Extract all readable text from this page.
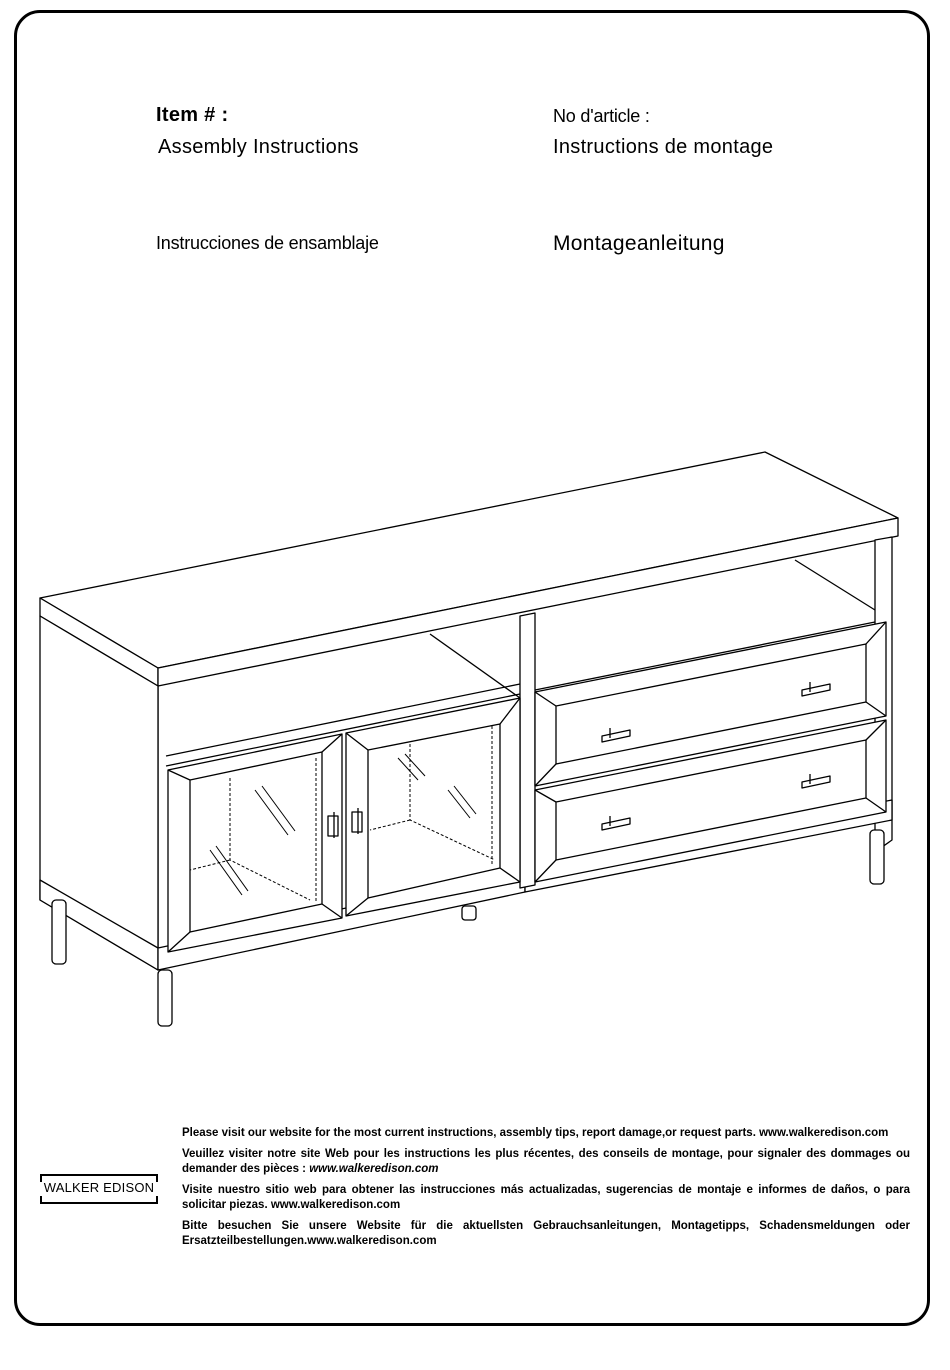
Item # :	No d'article :
Assembly Instructions	Instructions de montage
Instrucciones de ensamblaje	Montageanleitung
WALKER EDISON

Please visit our website for the most current instructions, assembly tips, report damage,or request parts. www.walkeredison.com

Veuillez visiter notre site Web pour les instructions les plus récentes, des conseils de montage, pour signaler des dommages ou demander des pièces : www.walkeredison.com

Visite nuestro sitio web para obtener las instrucciones más actualizadas, sugerencias de montaje e informes de daños, o para solicitar piezas. www.walkeredison.com

Bitte besuchen Sie unsere Website für die aktuellsten Gebrauchsanleitungen, Montagetipps, Schadensmeldungen oder Ersatzteilbestellungen.www.walkeredison.com
